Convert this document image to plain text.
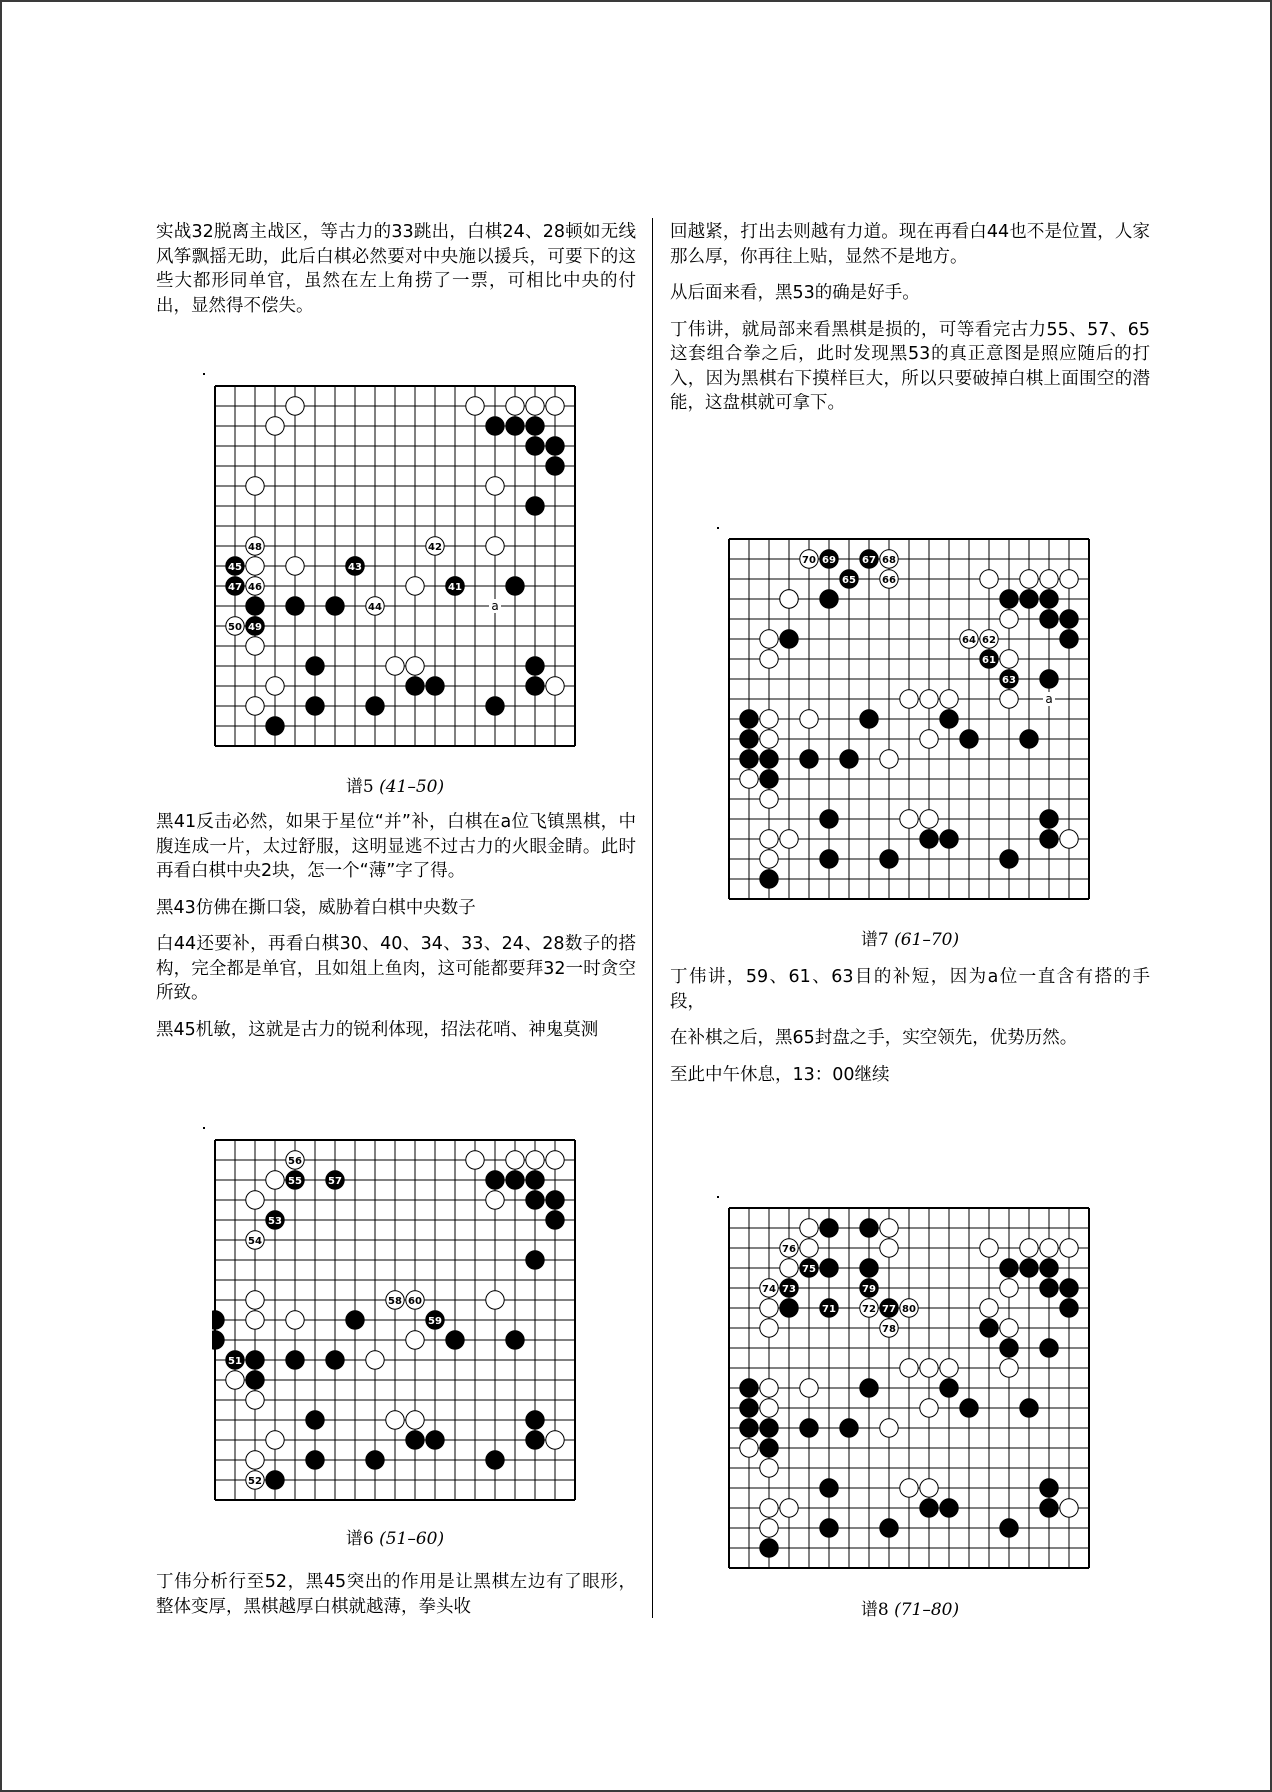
实战32脱离主战区，等古力的33跳出，白棋24、28顿如无线风筝飘摇无助，此后白棋必然要对中央施以援兵，可要下的这些大都形同单官，虽然在左上角捞了一票，可相比中央的付出，显然得不偿失。

黑41反击必然，如果于星位“并”补，白棋在a位飞镇黑棋，中腹连成一片，太过舒服，这明显逃不过古力的火眼金睛。此时再看白棋中央2块，怎一个“薄”字了得。

黑43仿佛在撕口袋，威胁着白棋中央数子

白44还要补，再看白棋30、40、34、33、24、28数子的搭构，完全都是单官，且如俎上鱼肉，这可能都要拜32一时贪空所致。

黑45机敏，这就是古力的锐利体现，招法花哨、神鬼莫测

丁伟分析行至52，黑45突出的作用是让黑棋左边有了眼形，整体变厚，黑棋越厚白棋就越薄，拳头收

回越紧，打出去则越有力道。现在再看白44也不是位置，人家那么厚，你再往上贴，显然不是地方。

从后面来看，黑53的确是好手。

丁伟讲，就局部来看黑棋是损的，可等看完古力55、57、65这套组合拳之后，此时发现黑53的真正意图是照应随后的打入，因为黑棋右下摸样巨大，所以只要破掉白棋上面围空的潜能，这盘棋就可拿下。

丁伟讲，59、61、63目的补短，因为a位一直含有搭的手段，

在补棋之后，黑65封盘之手，实空领先，优势历然。

至此中午休息，13：00继续

45
47
49
43
41
48
46
50
44
42
a
谱5 (41–50)
53
55	57
59
51
56
54
58 60
52
谱6 (51–60)
61
63
65
67
69
62
64
66
68
70
a
谱7 (61–70)
71
73
75
77
79
72
74
76
78
80
谱8 (71–80)
